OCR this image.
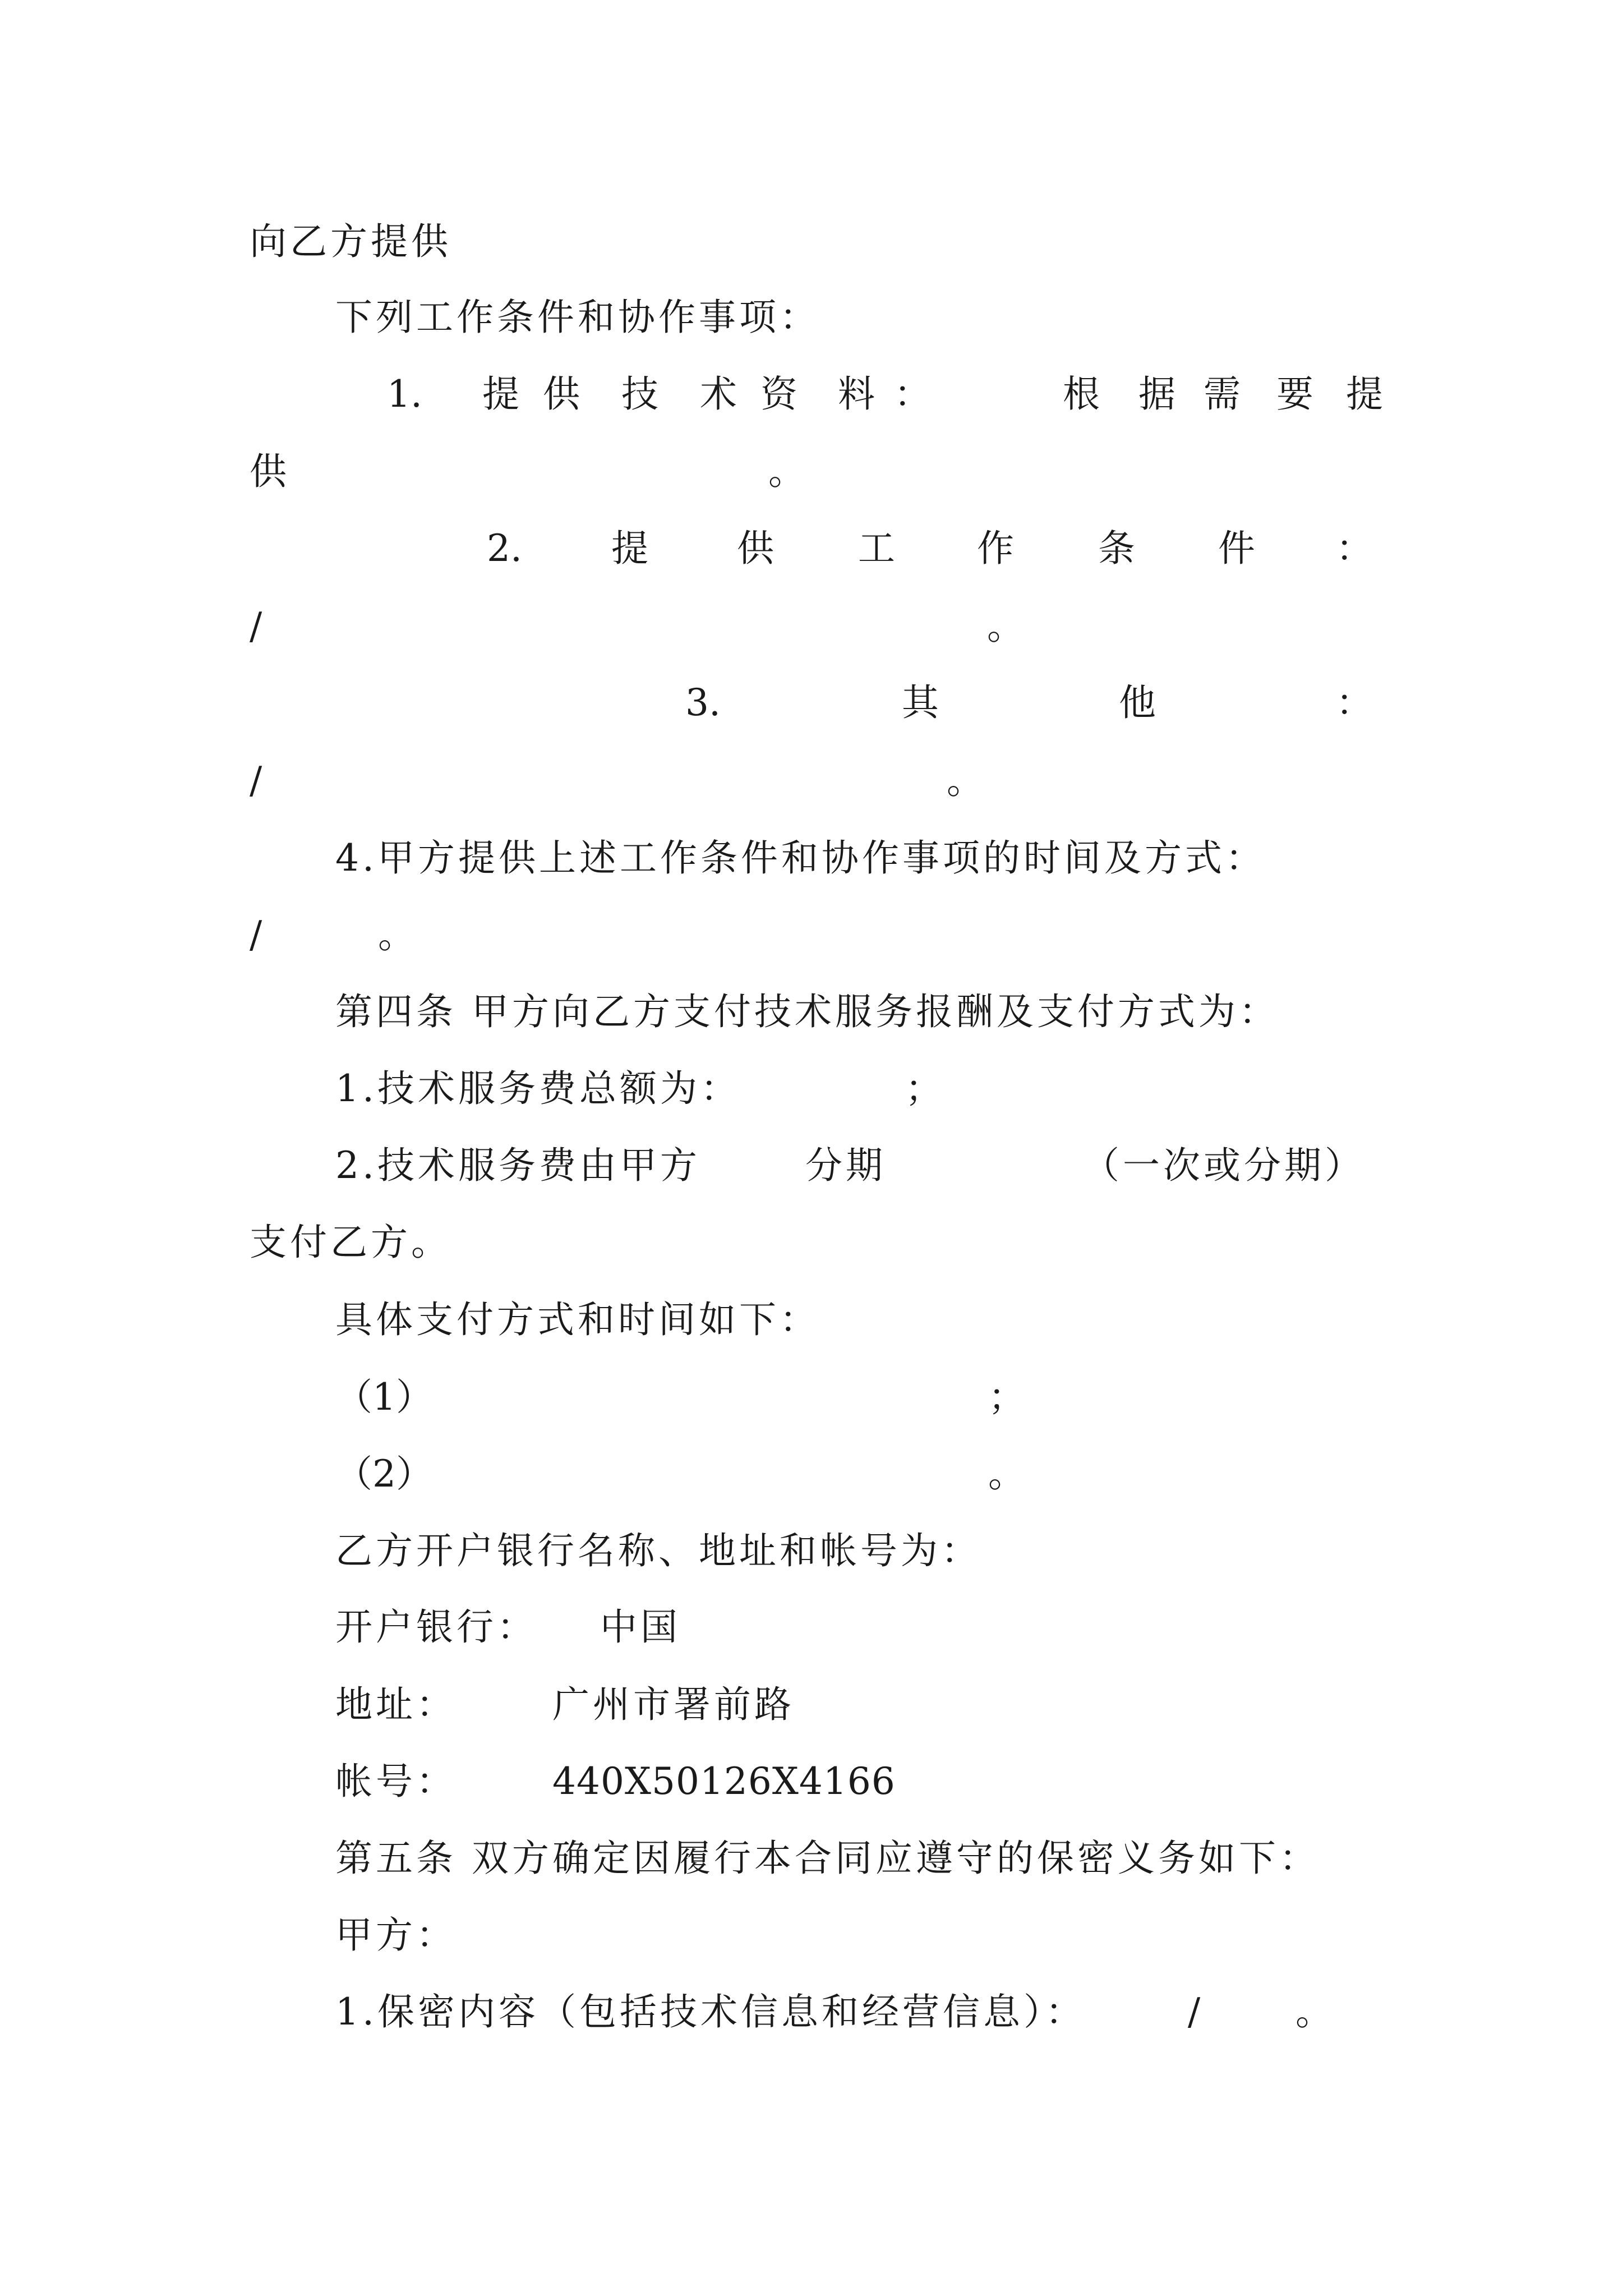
向乙方提供
下列工作条件和协作事项：
1. 提 供 技 术 资 料 ：	根 据 需 要 提
供	。
2. 提 供 工 作 条 件 ：
/	。
3.	其	他	：
/	。
4.甲方提供上述工作条件和协作事项的时间及方式：
/	。
第四条 甲方向乙方支付技术服务报酬及支付方式为：
1.技术服务费总额为：	；
2.技术服务费由甲方	分期	（一次或分期）
支付乙方。
具体支付方式和时间如下：
（1）	；
（2）	。
乙方开户银行名称、地址和帐号为：
开户银行： 中国
地址：	广州市署前路
帐号：	440X50126X4166
第五条 双方确定因履行本合同应遵守的保密义务如下：
甲方：
1.保密内容（包括技术信息和经营信息）：	/	。
